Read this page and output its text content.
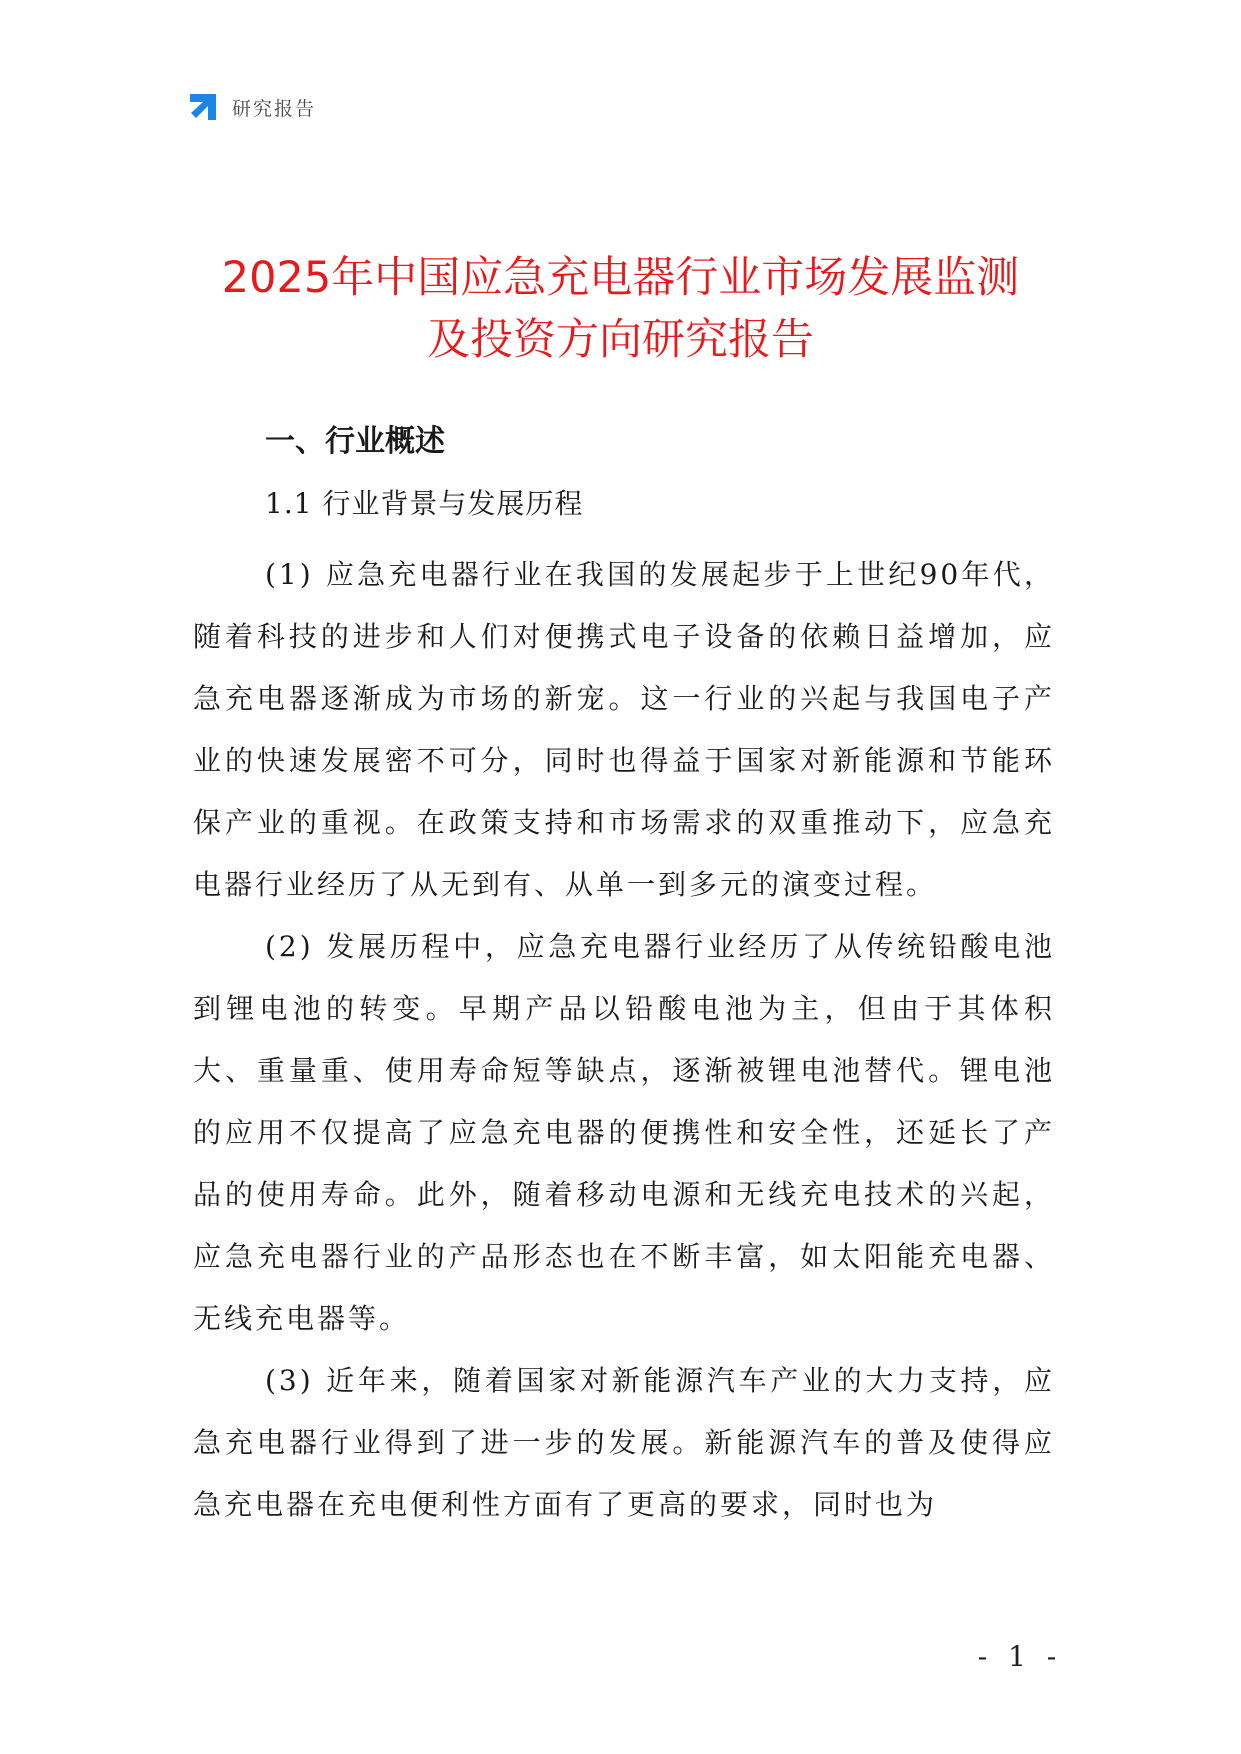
研究报告
2025年中国应急充电器行业市场发展监测
及投资方向研究报告
一、行业概述
1.1 行业背景与发展历程

(1) 应急充电器行业在我国的发展起步于上世纪90年代，随着科技的进步和人们对便携式电子设备的依赖日益增加，应急充电器逐渐成为市场的新宠。这一行业的兴起与我国电子产业的快速发展密不可分，同时也得益于国家对新能源和节能环保产业的重视。在政策支持和市场需求的双重推动下，应急充电器行业经历了从无到有、从单一到多元的演变过程。

(2) 发展历程中，应急充电器行业经历了从传统铅酸电池到锂电池的转变。早期产品以铅酸电池为主，但由于其体积大、重量重、使用寿命短等缺点，逐渐被锂电池替代。锂电池的应用不仅提高了应急充电器的便携性和安全性，还延长了产品的使用寿命。此外，随着移动电源和无线充电技术的兴起，应急充电器行业的产品形态也在不断丰富，如太阳能充电器、无线充电器等。

(3) 近年来，随着国家对新能源汽车产业的大力支持，应急充电器行业得到了进一步的发展。新能源汽车的普及使得应急充电器在充电便利性方面有了更高的要求，同时也为

- 1 -
